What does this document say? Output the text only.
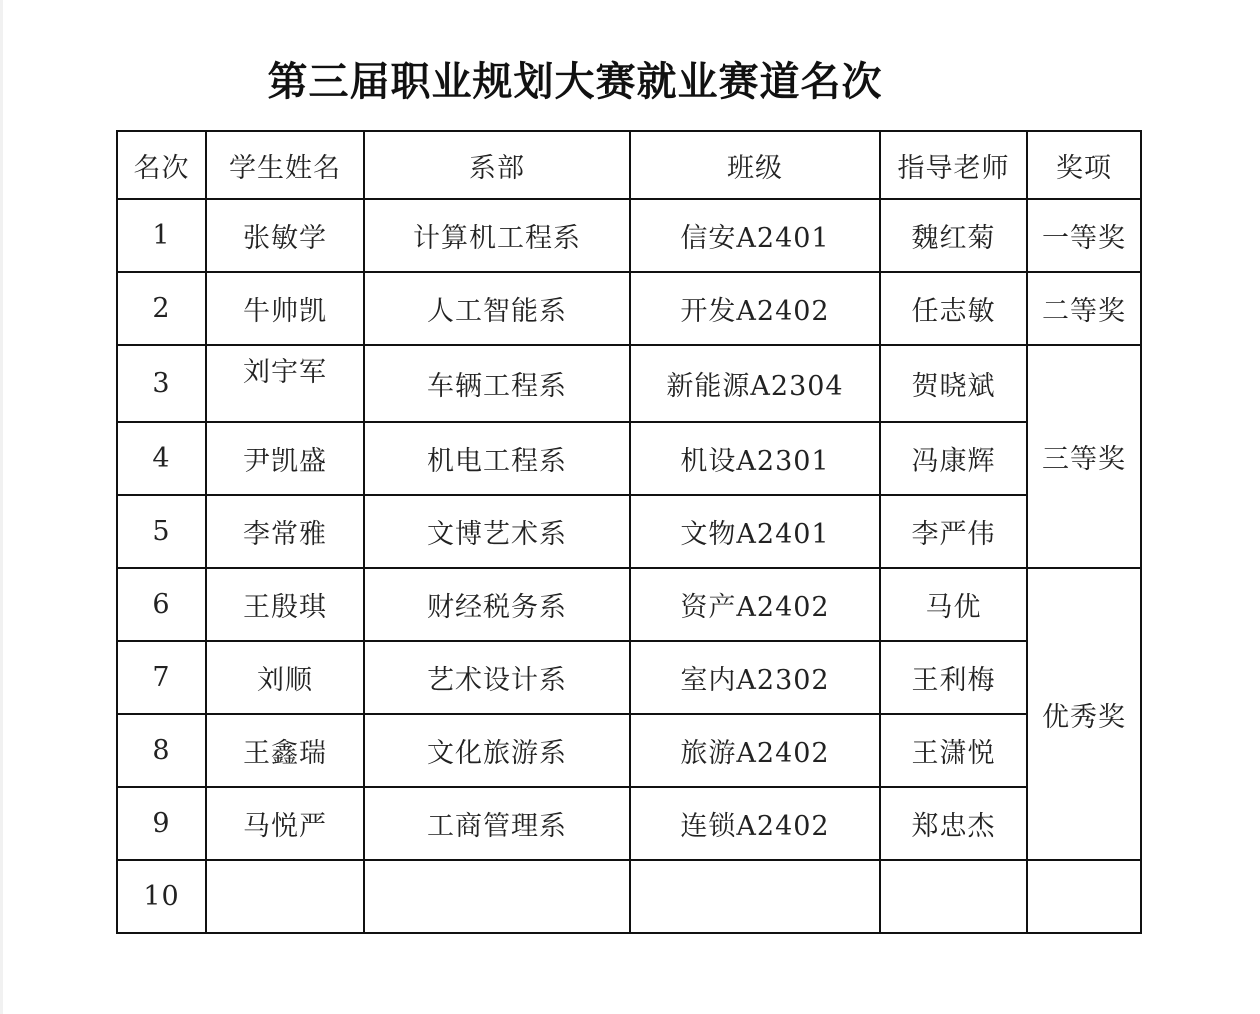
第三届职业规划大赛就业赛道名次
名次	学生姓名	系部	班级	指导老师	奖项
1	张敏学	计算机工程系	信安A2401	魏红菊	一等奖
2	牛帅凯	人工智能系	开发A2402	任志敏	二等奖
3	刘宇军	车辆工程系	新能源A2304	贺晓斌	三等奖
4	尹凯盛	机电工程系	机设A2301	冯康辉	
5	李常雅	文博艺术系	文物A2401	李严伟	
6	王殷琪	财经税务系	资产A2402	马优	优秀奖
7	刘顺	艺术设计系	室内A2302	王利梅	
8	王鑫瑞	文化旅游系	旅游A2402	王潇悦	
9	马悦严	工商管理系	连锁A2402	郑忠杰	
10					
